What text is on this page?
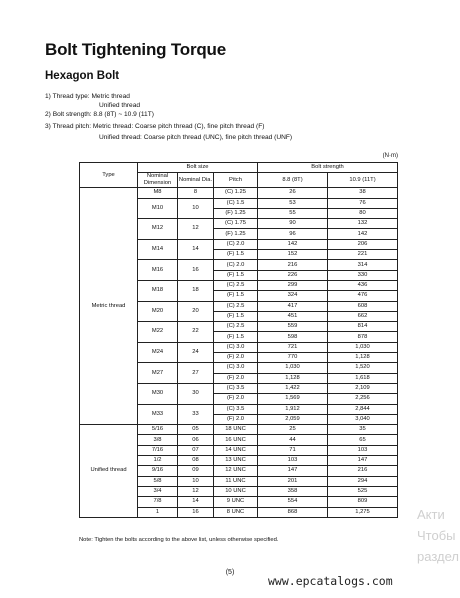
Bolt Tightening Torque
Hexagon Bolt
1) Thread type: Metric thread
Unified thread
2) Bolt strength: 8.8 (8T) ~ 10.9 (11T)
3) Thread pitch: Metric thread: Coarse pitch thread (C), fine pitch thread (F)
Unified thread: Coarse pitch thread (UNC), fine pitch thread (UNF)
(N·m)
Type	Bolt size			Bolt strength	
	Nominal Dimension	Nominal Dia.	Pitch	8.8 (8T)	10.9 (11T)
Metric thread	M8	8	(C) 1.25	26	38
	M10	10	(C) 1.5	53	76
			(F) 1.25	55	80
	M12	12	(C) 1.75	90	132
			(F) 1.25	96	142
	M14	14	(C) 2.0	142	206
			(F) 1.5	152	221
	M16	16	(C) 2.0	216	314
			(F) 1.5	226	330
	M18	18	(C) 2.5	299	436
			(F) 1.5	324	476
	M20	20	(C) 2.5	417	608
			(F) 1.5	451	662
	M22	22	(C) 2.5	559	814
			(F) 1.5	598	878
	M24	24	(C) 3.0	721	1,030
			(F) 2.0	770	1,128
	M27	27	(C) 3.0	1,030	1,520
			(F) 2.0	1,128	1,618
	M30	30	(C) 3.5	1,422	2,109
			(F) 2.0	1,569	2,256
	M33	33	(C) 3.5	1,912	2,844
			(F) 2.0	2,059	3,040
Unified thread	5/16	05	18 UNC	25	35
	3/8	06	16 UNC	44	65
	7/16	07	14 UNC	71	103
	1/2	08	13 UNC	103	147
	9/16	09	12 UNC	147	216
	5/8	10	11 UNC	201	294
	3/4	12	10 UNC	358	525
	7/8	14	9 UNC	554	809
	1	16	8 UNC	868	1,275
Note: Tighten the bolts according to the above list, unless otherwise specified.
(5)
www.epcatalogs.com
Акти
Чтобы
раздел
